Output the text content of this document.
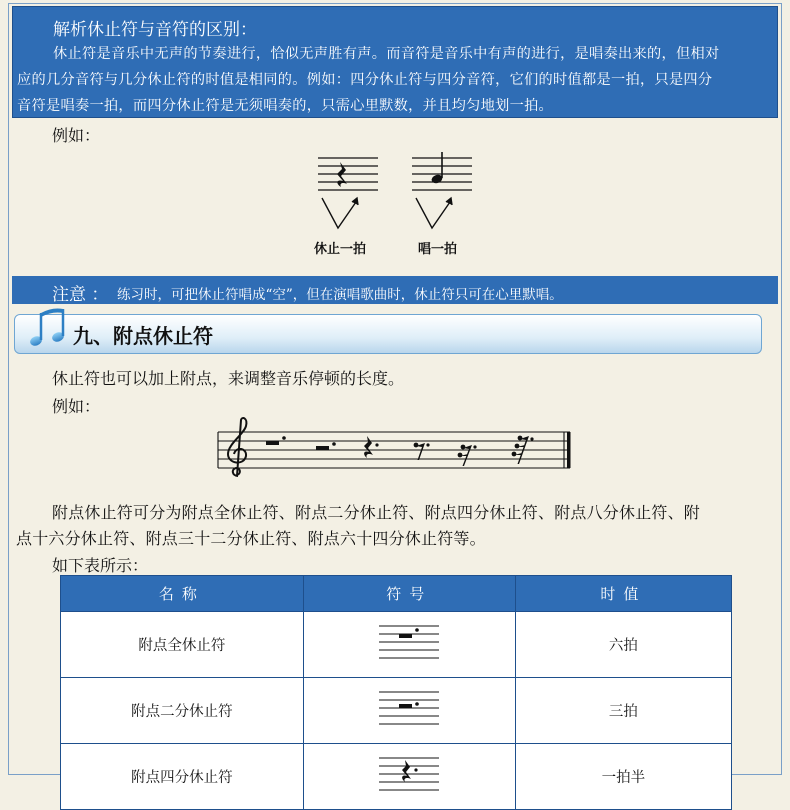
解析休止符与音符的区别：
休止符是音乐中无声的节奏进行，恰似无声胜有声。而音符是音乐中有声的进行，是唱奏出来的，但相对
应的几分音符与几分休止符的时值是相同的。例如：四分休止符与四分音符，它们的时值都是一拍，只是四分
音符是唱奏一拍，而四分休止符是无须唱奏的，只需心里默数，并且均匀地划一拍。
例如：
休止一拍	唱一拍
注意 ： 练习时，可把休止符唱成“空”，但在演唱歌曲时，休止符只可在心里默唱。
九、附点休止符
休止符也可以加上附点，来调整音乐停顿的长度。
例如：
附点休止符可分为附点全休止符、附点二分休止符、附点四分休止符、附点八分休止符、附
点十六分休止符、附点三十二分休止符、附点六十四分休止符等。
如下表所示：
名称	符号	时值
附点全休止符		六拍
附点二分休止符		三拍
附点四分休止符		一拍半
